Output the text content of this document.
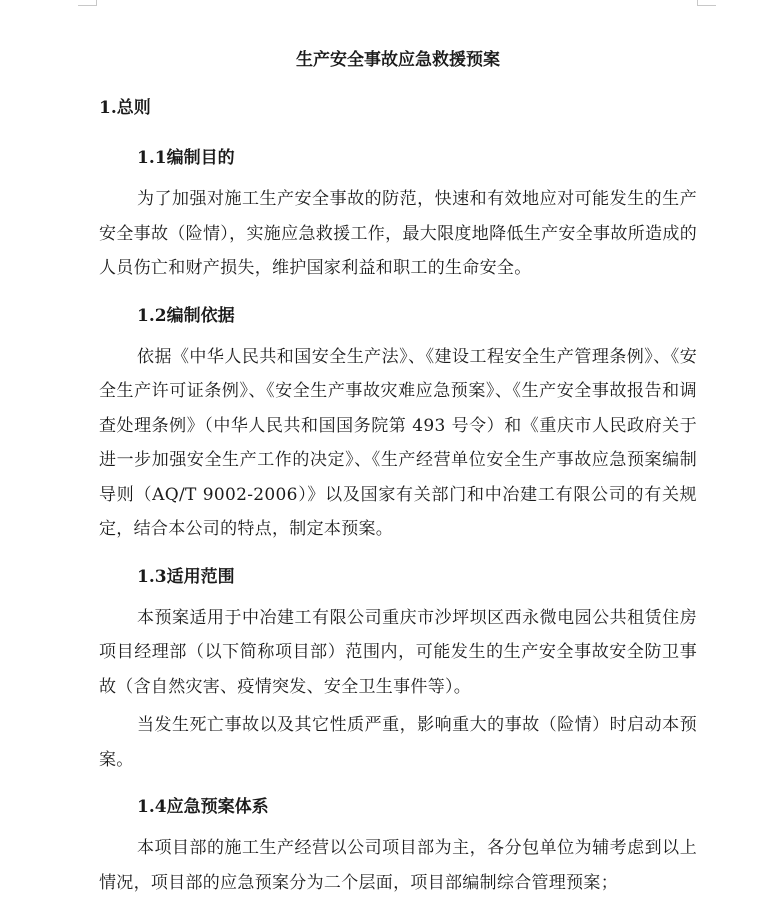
生产安全事故应急救援预案
1.总则
1.1编制目的
为了加强对施工生产安全事故的防范，快速和有效地应对可能发生的生产安全事故（险情），实施应急救援工作，最大限度地降低生产安全事故所造成的人员伤亡和财产损失，维护国家利益和职工的生命安全。
1.2编制依据
依据《中华人民共和国安全生产法》、《建设工程安全生产管理条例》、《安全生产许可证条例》、《安全生产事故灾难应急预案》、《生产安全事故报告和调查处理条例》（中华人民共和国国务院第 493 号令）和《重庆市人民政府关于进一步加强安全生产工作的决定》、《生产经营单位安全生产事故应急预案编制导则（AQ/T 9002-2006）》以及国家有关部门和中冶建工有限公司的有关规定，结合本公司的特点，制定本预案。
1.3适用范围
本预案适用于中冶建工有限公司重庆市沙坪坝区西永微电园公共租赁住房项目经理部（以下简称项目部）范围内，可能发生的生产安全事故安全防卫事故（含自然灾害、疫情突发、安全卫生事件等）。
当发生死亡事故以及其它性质严重，影响重大的事故（险情）时启动本预案。
1.4应急预案体系
本项目部的施工生产经营以公司项目部为主，各分包单位为辅考虑到以上情况，项目部的应急预案分为二个层面，项目部编制综合管理预案；
